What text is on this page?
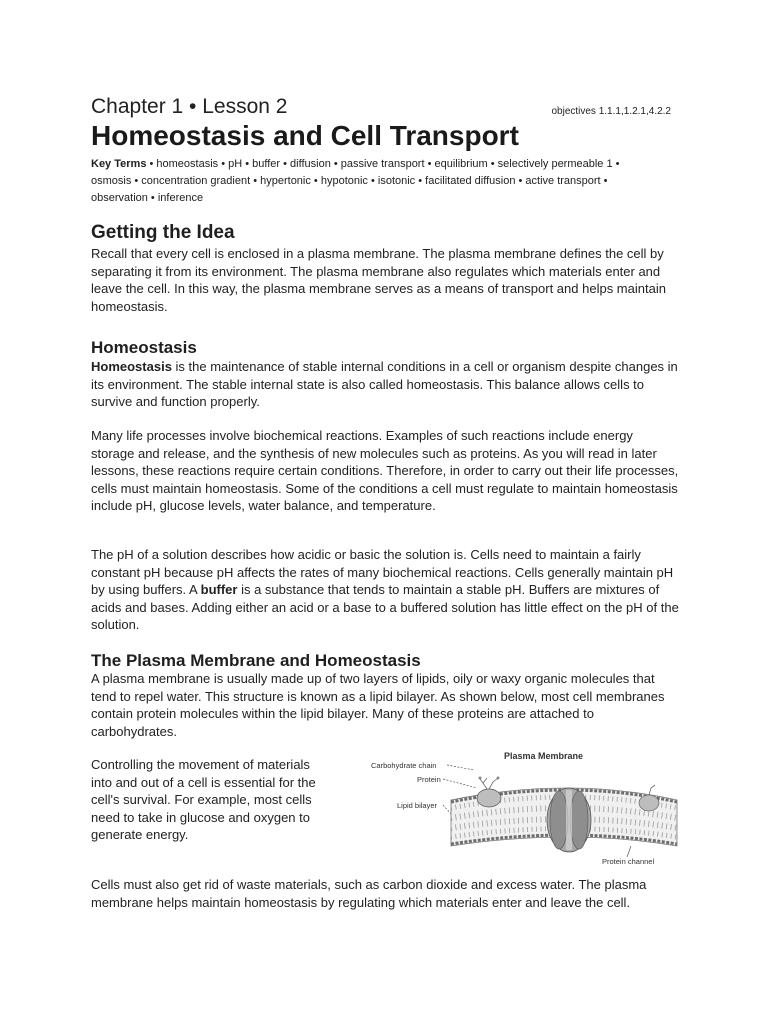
Chapter 1 • Lesson 2	objectives 1.1.1,1.2.1,4.2.2
Homeostasis and Cell Transport
Key Terms • homeostasis • pH • buffer • diffusion • passive transport • equilibrium • selectively permeable 1 • osmosis • concentration gradient • hypertonic • hypotonic • isotonic • facilitated diffusion • active transport • observation • inference
Getting the Idea

Recall that every cell is enclosed in a plasma membrane. The plasma membrane defines the cell by separating it from its environment. The plasma membrane also regulates which materials enter and leave the cell. In this way, the plasma membrane serves as a means of transport and helps maintain homeostasis.

Homeostasis

Homeostasis is the maintenance of stable internal conditions in a cell or organism despite changes in its environment. The stable internal state is also called homeostasis. This balance allows cells to survive and function properly.

Many life processes involve biochemical reactions. Examples of such reactions include energy storage and release, and the synthesis of new molecules such as proteins. As you will read in later lessons, these reactions require certain conditions. Therefore, in order to carry out their life processes, cells must maintain homeostasis. Some of the conditions a cell must regulate to maintain homeostasis include pH, glucose levels, water balance, and temperature.

The pH of a solution describes how acidic or basic the solution is. Cells need to maintain a fairly constant pH because pH affects the rates of many biochemical reactions. Cells generally maintain pH by using buffers. A buffer is a substance that tends to maintain a stable pH. Buffers are mixtures of acids and bases. Adding either an acid or a base to a buffered solution has little effect on the pH of the solution.

The Plasma Membrane and Homeostasis

A plasma membrane is usually made up of two layers of lipids, oily or waxy organic molecules that tend to repel water. This structure is known as a lipid bilayer. As shown below, most cell membranes contain protein molecules within the lipid bilayer. Many of these proteins are attached to carbohydrates.

Controlling the movement of materials into and out of a cell is essential for the cell's survival. For example, most cells need to take in glucose and oxygen to generate energy.

Plasma Membrane
Carbohydrate chain
Protein
Lipid bilayer
Protein channel

Cells must also get rid of waste materials, such as carbon dioxide and excess water. The plasma membrane helps maintain homeostasis by regulating which materials enter and leave the cell.
